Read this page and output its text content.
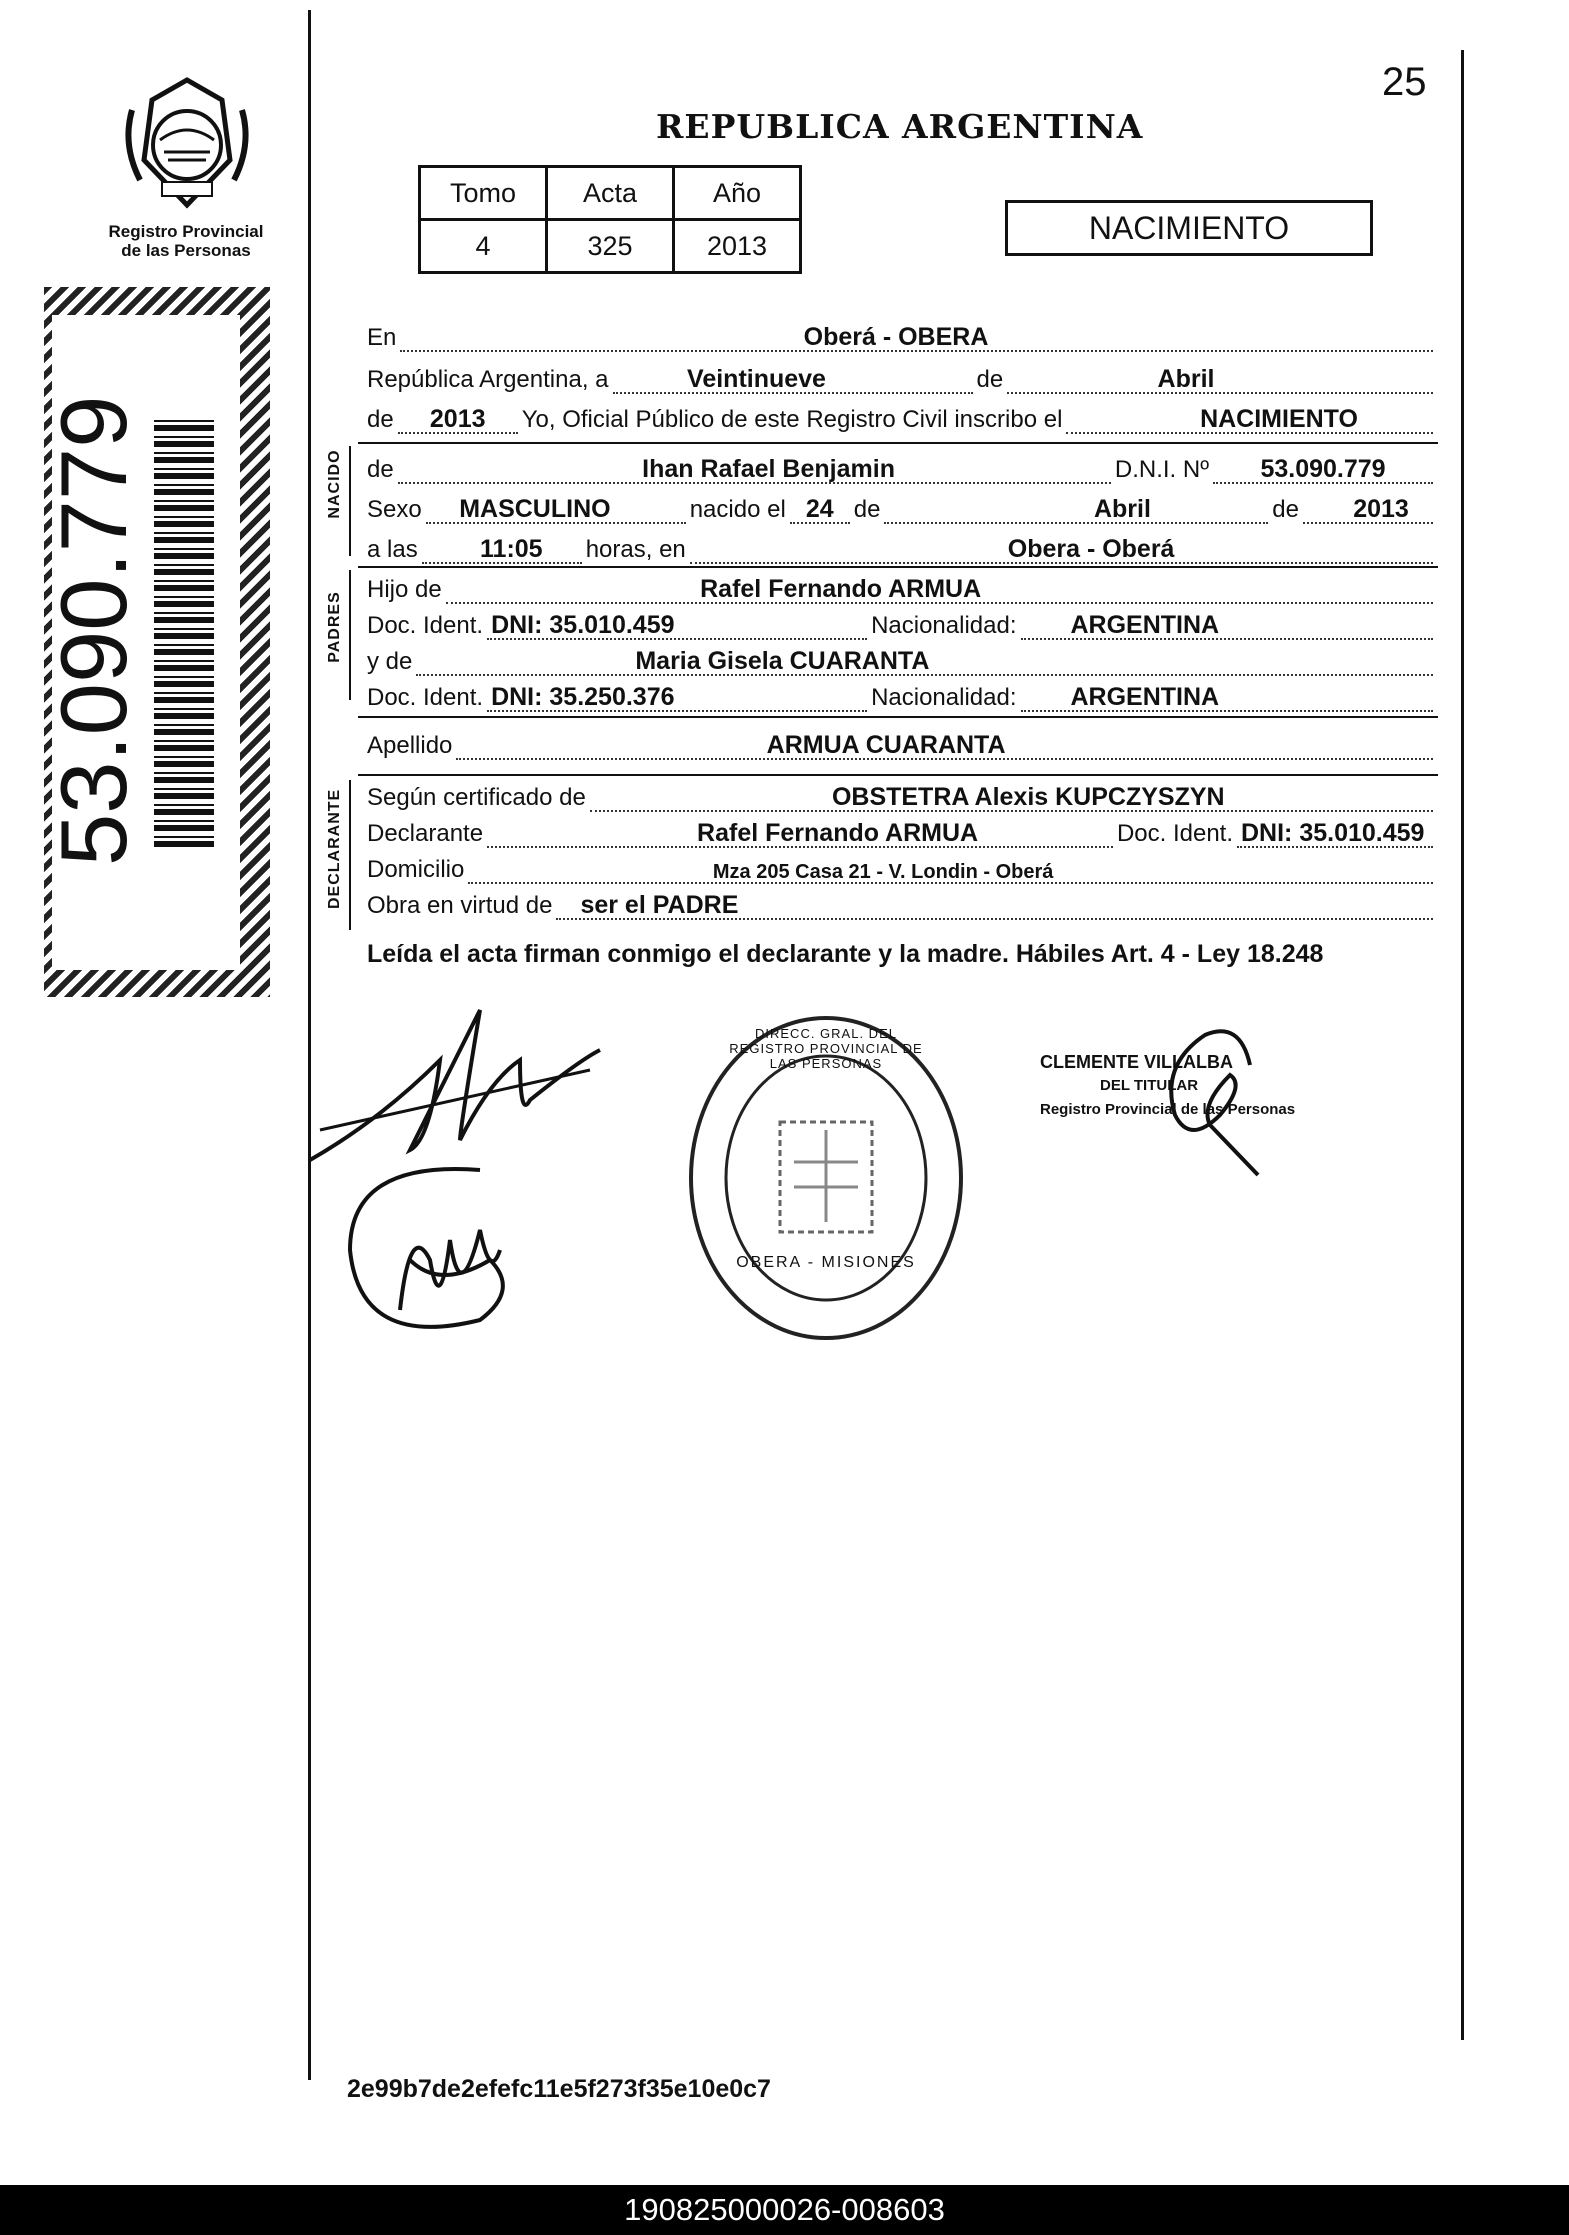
Registro Provincial
de las Personas
53.090.779
25
REPUBLICA ARGENTINA
Tomo	Acta	Año
4	325	2013	NACIMIENTO
En	Oberá - OBERA
República Argentina, a	Veintinueve	de	Abril
de 2013 Yo, Oficial Público de este Registro Civil inscribo el	NACIMIENTO
NACIDO de	Ihan Rafael Benjamin	D.N.I. Nº 53.090.779
Sexo MASCULINO	nacido el 24 de	Abril	de 2013
a las 11:05 horas, en	Obera - Oberá
PADRES
Hijo de	Rafel Fernando ARMUA
Doc. Ident. DNI: 35.010.459	Nacionalidad: ARGENTINA
y de	Maria Gisela CUARANTA
Doc. Ident. DNI: 35.250.376	Nacionalidad: ARGENTINA
Apellido	ARMUA CUARANTA
DECLARANTE Según certificado de	OBSTETRA Alexis KUPCZYSZYN
Declarante	Rafel Fernando ARMUA	Doc. Ident. DNI: 35.010.459
Domicilio	Mza 205 Casa 21 - V. Londin - Oberá
Obra en virtud de ser el PADRE
Leída el acta firman conmigo el declarante y la madre. Hábiles Art. 4 - Ley 18.248
DIRECC. GRAL. DEL REGISTRO PROVINCIAL DE LAS PERSONAS
OBERA - MISIONES
CLEMENTE VILLALBA
DEL TITULAR
Registro Provincial de las Personas
2e99b7de2efefc11e5f273f35e10e0c7
190825000026-008603
